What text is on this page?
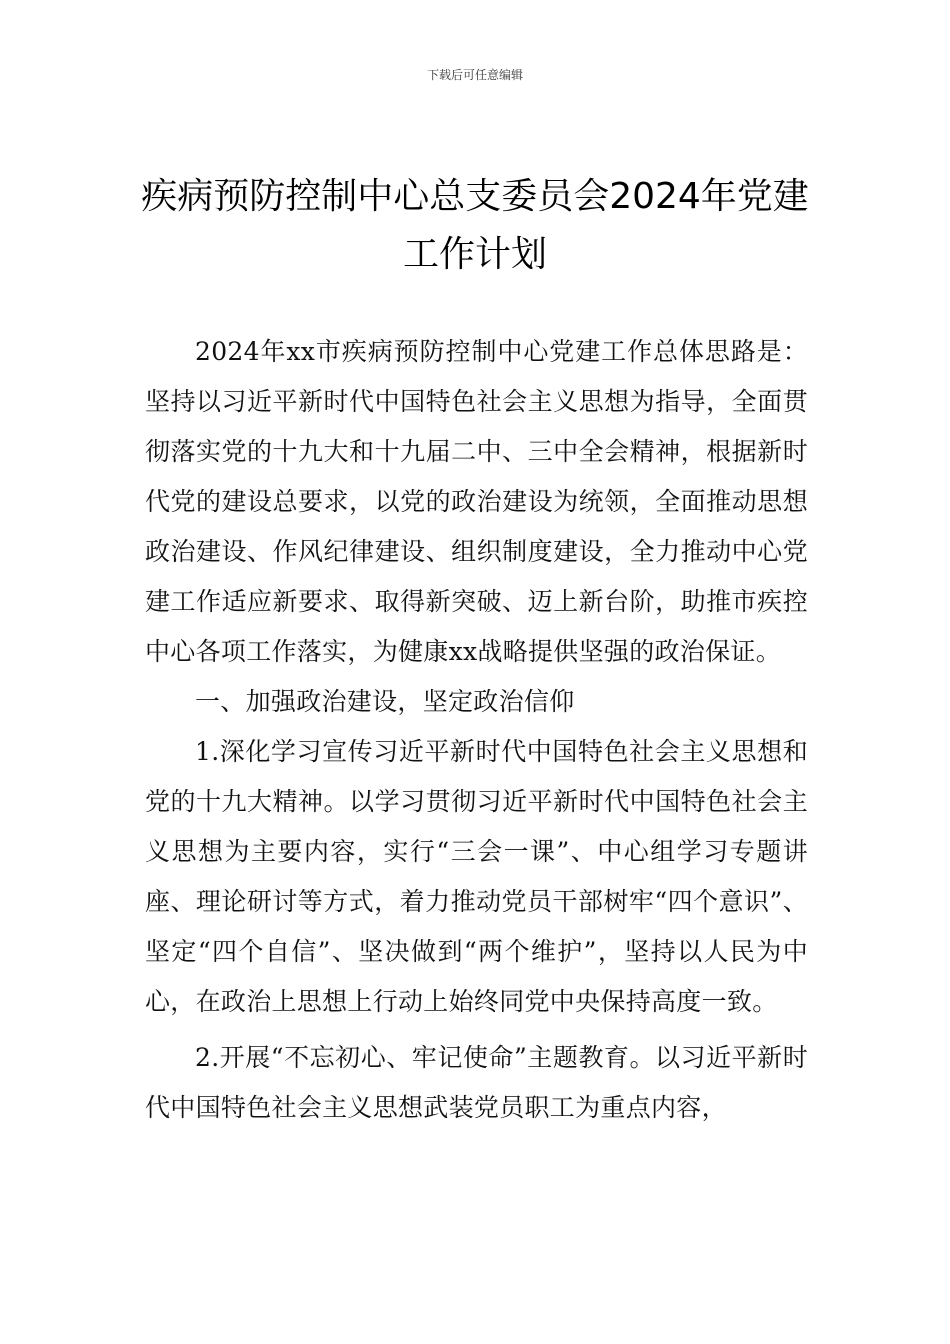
下载后可任意编辑
疾病预防控制中心总支委员会2024年党建
工作计划

2024年xx市疾病预防控制中心党建工作总体思路是：坚持以习近平新时代中国特色社会主义思想为指导，全面贯彻落实党的十九大和十九届二中、三中全会精神，根据新时代党的建设总要求，以党的政治建设为统领，全面推动思想政治建设、作风纪律建设、组织制度建设，全力推动中心党建工作适应新要求、取得新突破、迈上新台阶，助推市疾控中心各项工作落实，为健康xx战略提供坚强的政治保证。

一、加强政治建设，坚定政治信仰

1.深化学习宣传习近平新时代中国特色社会主义思想和党的十九大精神。以学习贯彻习近平新时代中国特色社会主义思想为主要内容，实行“三会一课”、中心组学习专题讲座、理论研讨等方式，着力推动党员干部树牢“四个意识”、坚定“四个自信”、坚决做到“两个维护”，坚持以人民为中心，在政治上思想上行动上始终同党中央保持高度一致。

2.开展“不忘初心、牢记使命”主题教育。以习近平新时代中国特色社会主义思想武装党员职工为重点内容，
